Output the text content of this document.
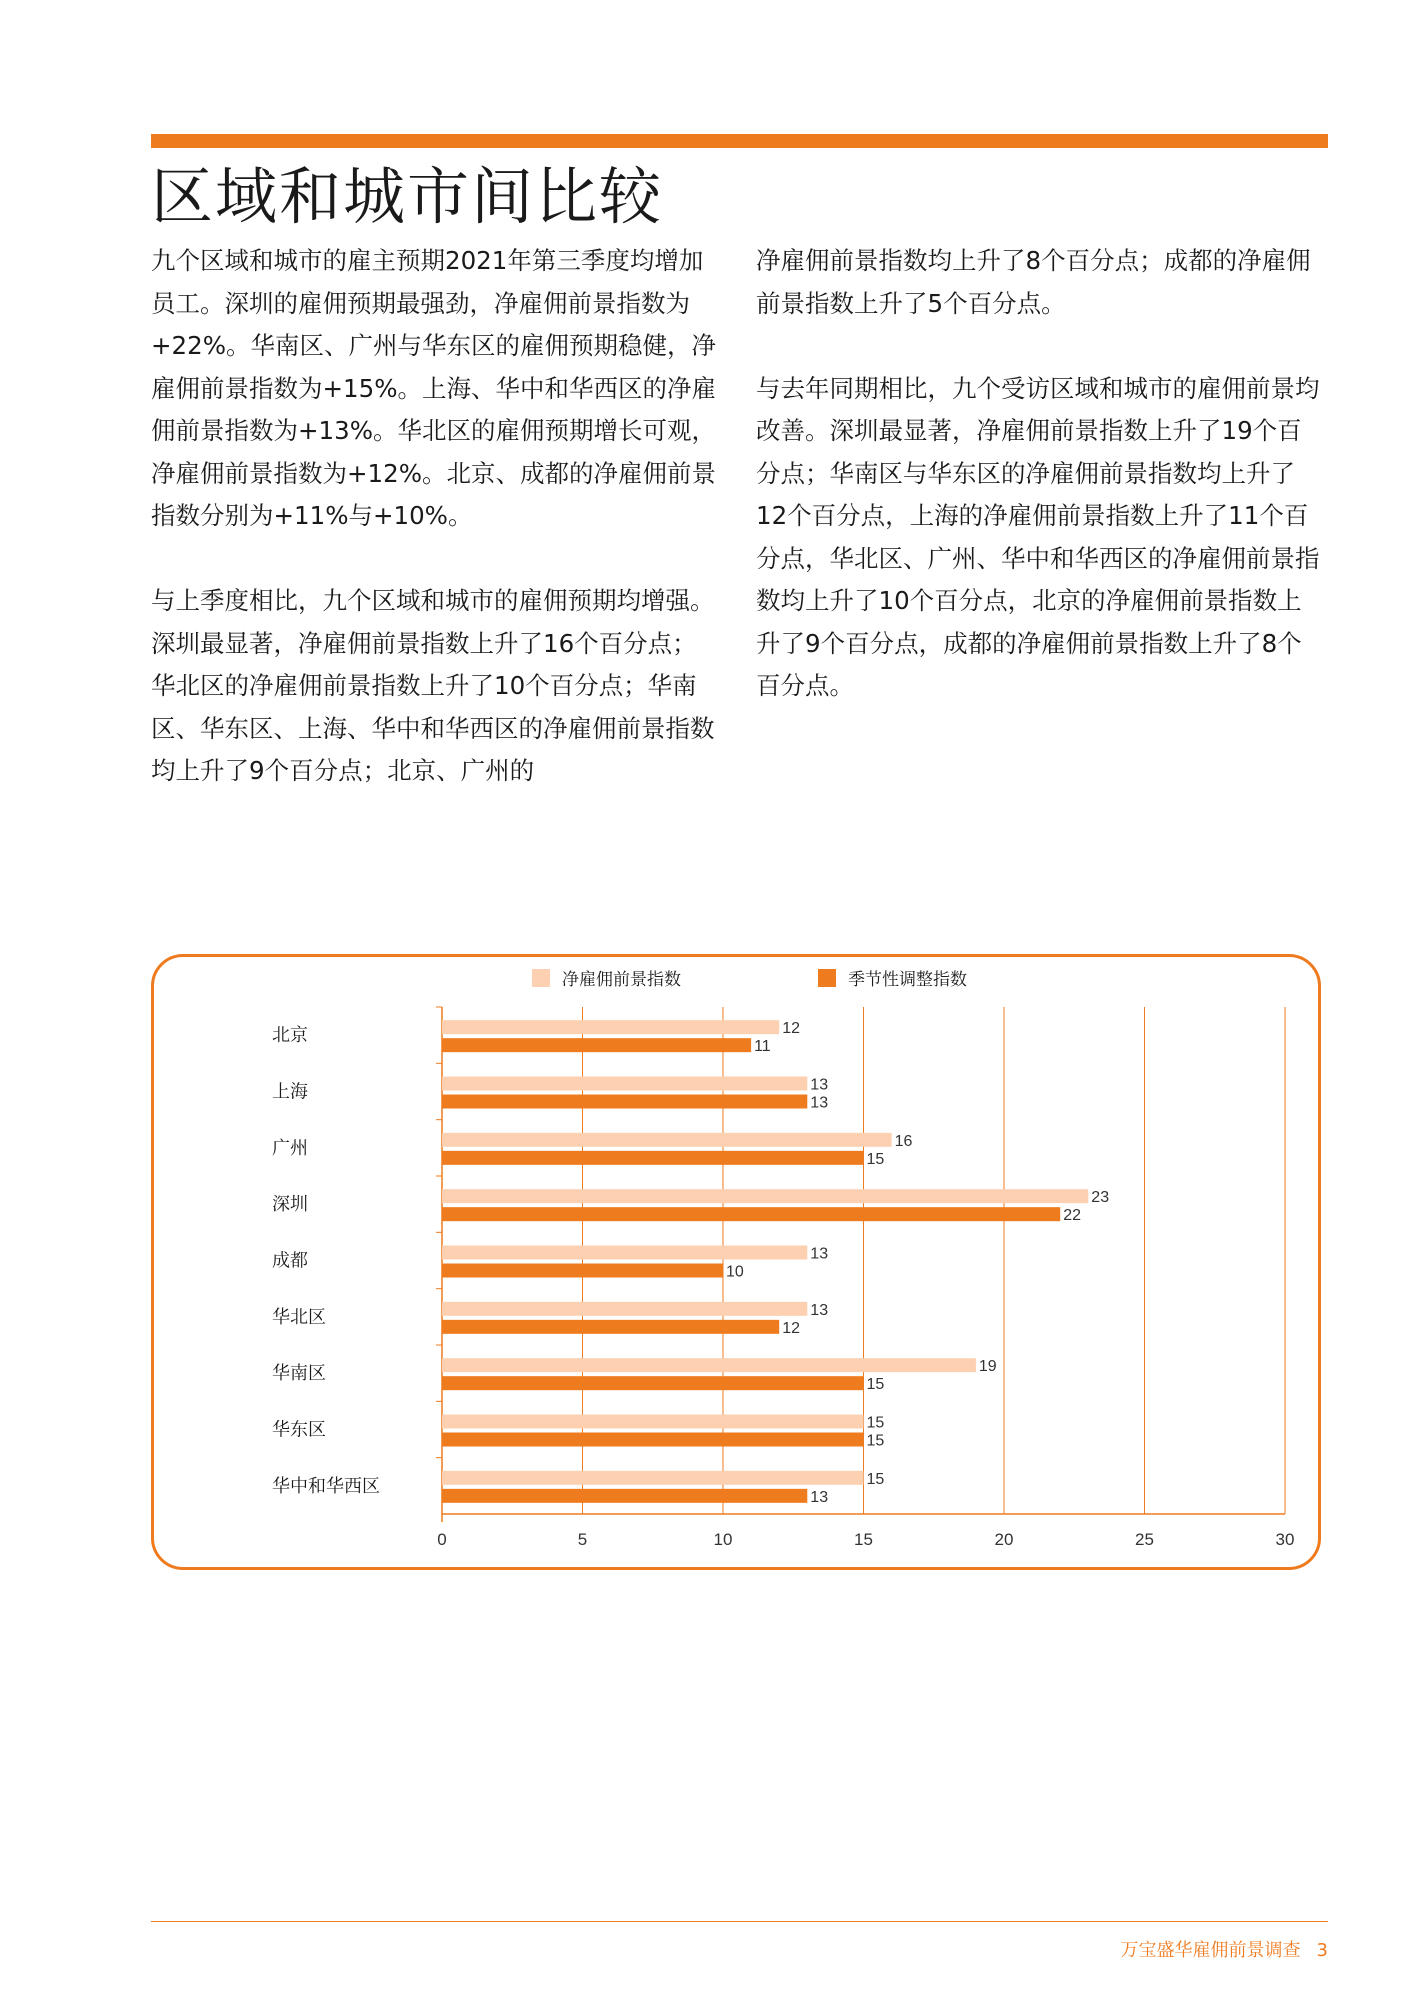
区域和城市间比较

九个区域和城市的雇主预期2021年第三季度均增加员工。深圳的雇佣预期最强劲，净雇佣前景指数为+22%。华南区、广州与华东区的雇佣预期稳健，净雇佣前景指数为+15%。上海、华中和华西区的净雇佣前景指数为+13%。华北区的雇佣预期增长可观，净雇佣前景指数为+12%。北京、成都的净雇佣前景指数分别为+11%与+10%。

与上季度相比，九个区域和城市的雇佣预期均增强。深圳最显著，净雇佣前景指数上升了16个百分点；华北区的净雇佣前景指数上升了10个百分点；华南区、华东区、上海、华中和华西区的净雇佣前景指数均上升了9个百分点；北京、广州的

净雇佣前景指数均上升了8个百分点；成都的净雇佣前景指数上升了5个百分点。

与去年同期相比，九个受访区域和城市的雇佣前景均改善。深圳最显著，净雇佣前景指数上升了19个百分点；华南区与华东区的净雇佣前景指数均上升了12个百分点，上海的净雇佣前景指数上升了11个百分点，华北区、广州、华中和华西区的净雇佣前景指数均上升了10个百分点，北京的净雇佣前景指数上升了9个百分点，成都的净雇佣前景指数上升了8个百分点。

0	5	10	15	20	25	30
北京	12
11
上海	13
13
广州	16
15
深圳	23
22
成都	13
10
华北区	13
12
华南区	19
15
华东区	15
15
华中和华西区	15
13
净雇佣前景指数	季节性调整指数
万宝盛华雇佣前景调查 3
